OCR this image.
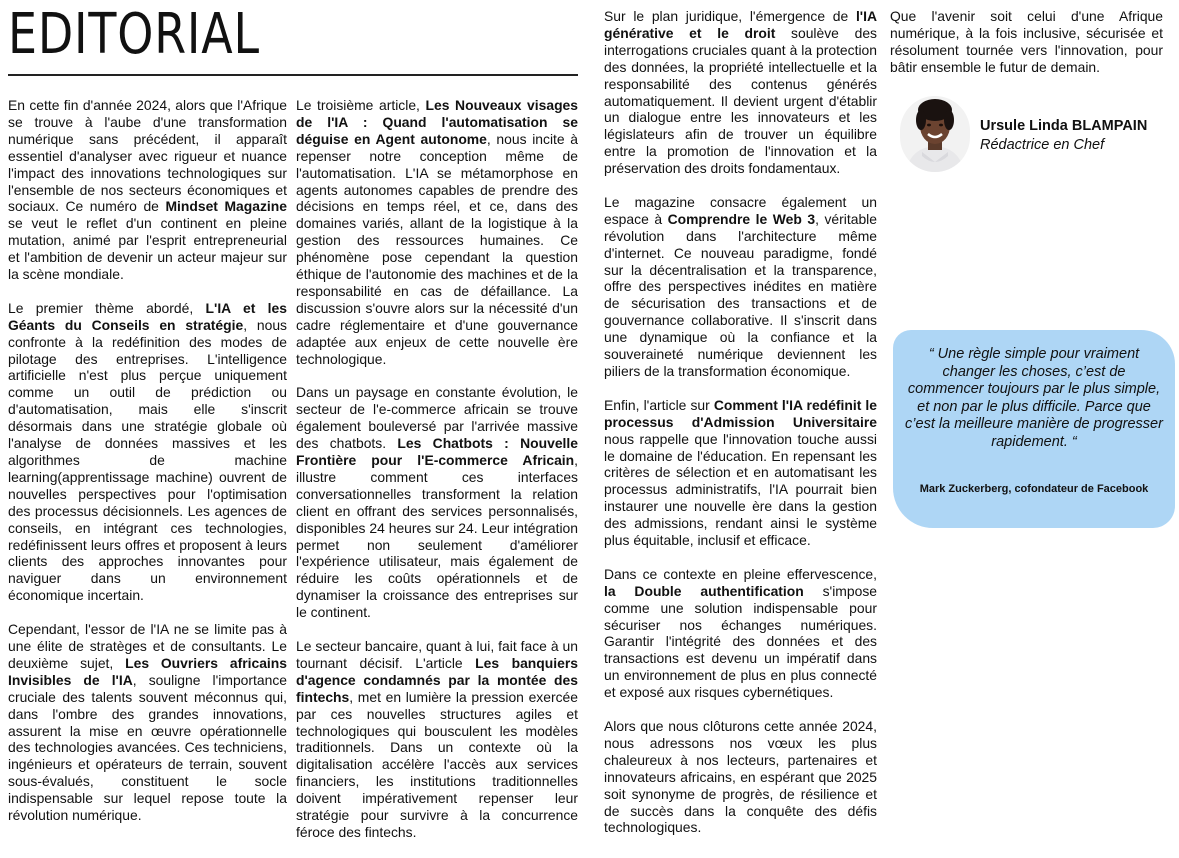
EDITORIAL

En cette fin d'année 2024, alors que l'Afrique se trouve à l'aube d'une transformation numérique sans précédent, il apparaît essentiel d'analyser avec rigueur et nuance l'impact des innovations technologiques sur l'ensemble de nos secteurs économiques et sociaux. Ce numéro de Mindset Magazine se veut le reflet d'un continent en pleine mutation, animé par l'esprit entrepreneurial et l'ambition de devenir un acteur majeur sur la scène mondiale.

Le premier thème abordé, L'IA et les Géants du Conseils en stratégie, nous confronte à la redéfinition des modes de pilotage des entreprises. L'intelligence artificielle n'est plus perçue uniquement comme un outil de prédiction ou d'automatisation, mais elle s'inscrit désormais dans une stratégie globale où l'analyse de données massives et les algorithmes de machine learning(apprentissage machine) ouvrent de nouvelles perspectives pour l'optimisation des processus décisionnels. Les agences de conseils, en intégrant ces technologies, redéfinissent leurs offres et proposent à leurs clients des approches innovantes pour naviguer dans un environnement économique incertain.

Cependant, l'essor de l'IA ne se limite pas à une élite de stratèges et de consultants. Le deuxième sujet, Les Ouvriers africains Invisibles de l'IA, souligne l'importance cruciale des talents souvent méconnus qui, dans l'ombre des grandes innovations, assurent la mise en œuvre opérationnelle des technologies avancées. Ces techniciens, ingénieurs et opérateurs de terrain, souvent sous-évalués, constituent le socle indispensable sur lequel repose toute la révolution numérique.

Le troisième article, Les Nouveaux visages de l'IA : Quand l'automatisation se déguise en Agent autonome, nous incite à repenser notre conception même de l'automatisation. L'IA se métamorphose en agents autonomes capables de prendre des décisions en temps réel, et ce, dans des domaines variés, allant de la logistique à la gestion des ressources humaines. Ce phénomène pose cependant la question éthique de l'autonomie des machines et de la responsabilité en cas de défaillance. La discussion s'ouvre alors sur la nécessité d'un cadre réglementaire et d'une gouvernance adaptée aux enjeux de cette nouvelle ère technologique.

Dans un paysage en constante évolution, le secteur de l'e-commerce africain se trouve également bouleversé par l'arrivée massive des chatbots. Les Chatbots : Nouvelle Frontière pour l'E-commerce Africain, illustre comment ces interfaces conversationnelles transforment la relation client en offrant des services personnalisés, disponibles 24 heures sur 24. Leur intégration permet non seulement d'améliorer l'expérience utilisateur, mais également de réduire les coûts opérationnels et de dynamiser la croissance des entreprises sur le continent.

Le secteur bancaire, quant à lui, fait face à un tournant décisif. L'article Les banquiers d'agence condamnés par la montée des fintechs, met en lumière la pression exercée par ces nouvelles structures agiles et technologiques qui bousculent les modèles traditionnels. Dans un contexte où la digitalisation accélère l'accès aux services financiers, les institutions traditionnelles doivent impérativement repenser leur stratégie pour survivre à la concurrence féroce des fintechs.

Sur le plan juridique, l'émergence de l'IA générative et le droit soulève des interrogations cruciales quant à la protection des données, la propriété intellectuelle et la responsabilité des contenus générés automatiquement. Il devient urgent d'établir un dialogue entre les innovateurs et les législateurs afin de trouver un équilibre entre la promotion de l'innovation et la préservation des droits fondamentaux.

Le magazine consacre également un espace à Comprendre le Web 3, véritable révolution dans l'architecture même d'internet. Ce nouveau paradigme, fondé sur la décentralisation et la transparence, offre des perspectives inédites en matière de sécurisation des transactions et de gouvernance collaborative. Il s'inscrit dans une dynamique où la confiance et la souveraineté numérique deviennent les piliers de la transformation économique.

Enfin, l'article sur Comment l'IA redéfinit le processus d'Admission Universitaire nous rappelle que l'innovation touche aussi le domaine de l'éducation. En repensant les critères de sélection et en automatisant les processus administratifs, l'IA pourrait bien instaurer une nouvelle ère dans la gestion des admissions, rendant ainsi le système plus équitable, inclusif et efficace.

Dans ce contexte en pleine effervescence, la Double authentification s'impose comme une solution indispensable pour sécuriser nos échanges numériques. Garantir l'intégrité des données et des transactions est devenu un impératif dans un environnement de plus en plus connecté et exposé aux risques cybernétiques.

Alors que nous clôturons cette année 2024, nous adressons nos vœux les plus chaleureux à nos lecteurs, partenaires et innovateurs africains, en espérant que 2025 soit synonyme de progrès, de résilience et de succès dans la conquête des défis technologiques.

Que l'avenir soit celui d'une Afrique numérique, à la fois inclusive, sécurisée et résolument tournée vers l'innovation, pour bâtir ensemble le futur de demain.

Ursule Linda BLAMPAIN
Rédactrice en Chef
“ Une règle simple pour vraiment changer les choses, c’est de commencer toujours par le plus simple, et non par le plus difficile. Parce que c’est la meilleure manière de progresser rapidement. “
Mark Zuckerberg, cofondateur de Facebook
